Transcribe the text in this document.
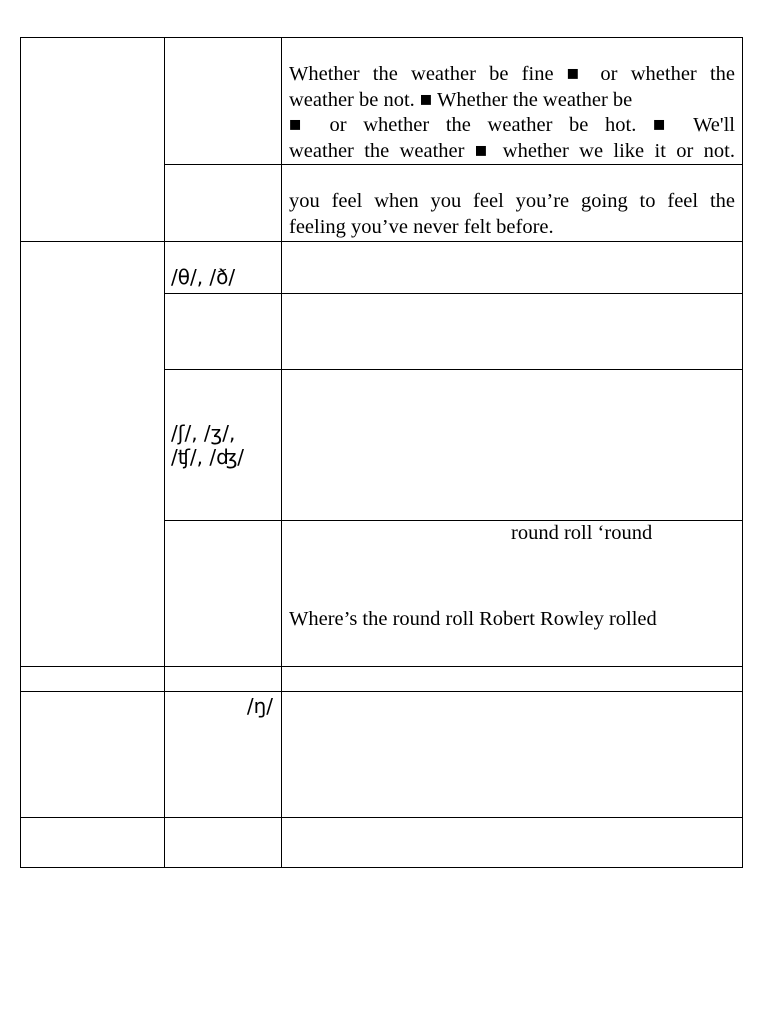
		Whether the weather be fine ■ or whether the
weather be not. ■ Whether the weather be
■ or whether the weather be hot. ■ We'll
weather the weather ■ whether we like it or not.

		you feel when you feel you’re going to feel the
feeling you’ve never felt before.

	/θ/, /ð/	

	/ʃ/, /ʒ/,
/ʧ/, /ʤ/	

		round roll ‘round

Where’s the round roll Robert Rowley rolled

	/ŋ/	
